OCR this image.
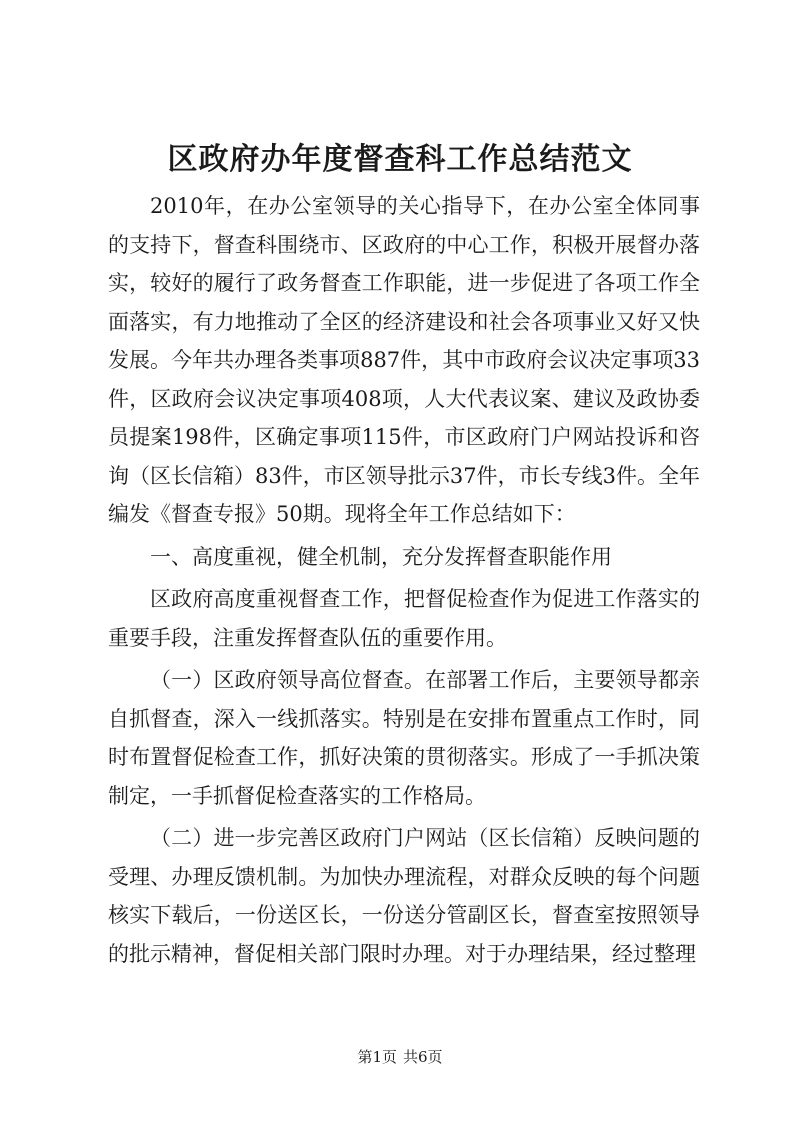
区政府办年度督查科工作总结范文

2010年，在办公室领导的关心指导下，在办公室全体同事的支持下，督查科围绕市、区政府的中心工作，积极开展督办落实，较好的履行了政务督查工作职能，进一步促进了各项工作全面落实，有力地推动了全区的经济建设和社会各项事业又好又快发展。今年共办理各类事项887件，其中市政府会议决定事项33件，区政府会议决定事项408项，人大代表议案、建议及政协委员提案198件，区确定事项115件，市区政府门户网站投诉和咨询（区长信箱）83件，市区领导批示37件，市长专线3件。全年编发《督查专报》50期。现将全年工作总结如下：

一、高度重视，健全机制，充分发挥督查职能作用

区政府高度重视督查工作，把督促检查作为促进工作落实的重要手段，注重发挥督查队伍的重要作用。

（一）区政府领导高位督查。在部署工作后，主要领导都亲自抓督查，深入一线抓落实。特别是在安排布置重点工作时，同时布置督促检查工作，抓好决策的贯彻落实。形成了一手抓决策制定，一手抓督促检查落实的工作格局。

（二）进一步完善区政府门户网站（区长信箱）反映问题的受理、办理反馈机制。为加快办理流程，对群众反映的每个问题核实下载后，一份送区长，一份送分管副区长，督查室按照领导的批示精神，督促相关部门限时办理。对于办理结果，经过整理

第1页 共6页
